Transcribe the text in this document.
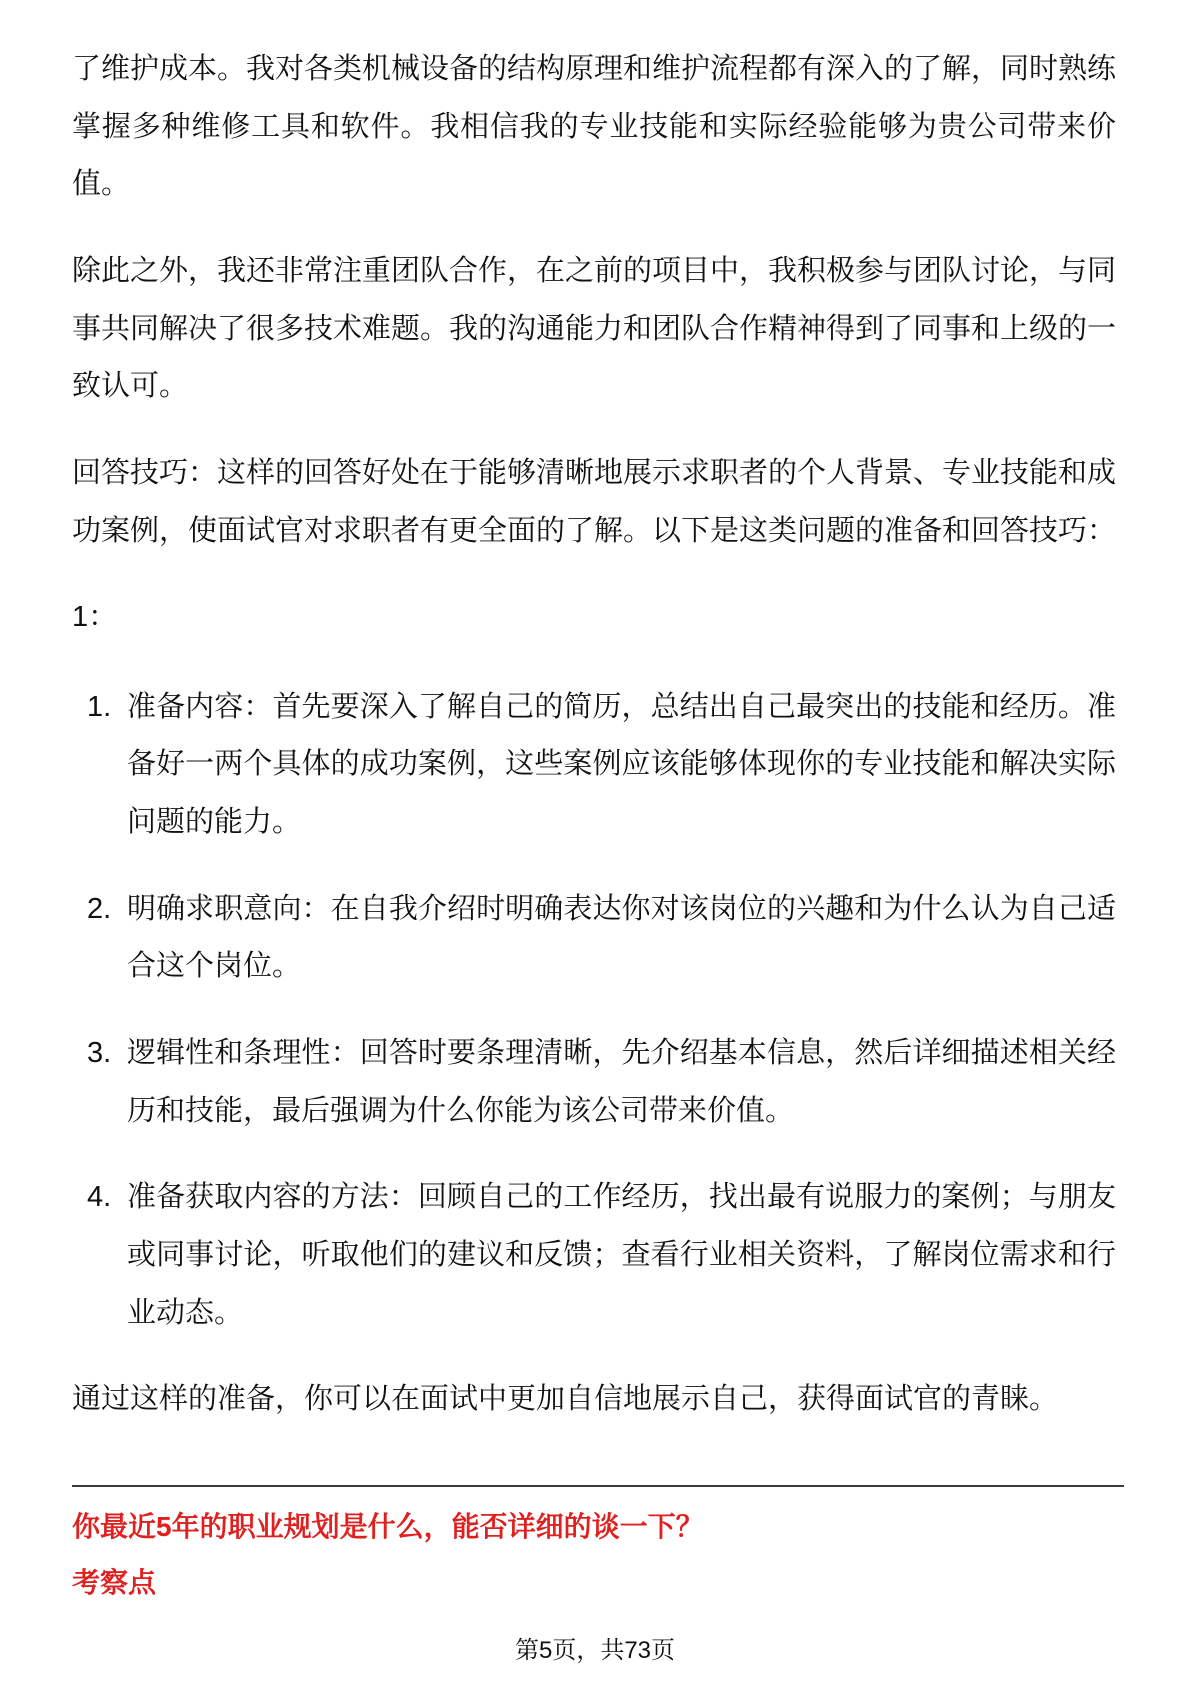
了维护成本。我对各类机械设备的结构原理和维护流程都有深入的了解，同时熟练
掌握多种维修工具和软件。我相信我的专业技能和实际经验能够为贵公司带来价
值。
除此之外，我还非常注重团队合作，在之前的项目中，我积极参与团队讨论，与同
事共同解决了很多技术难题。我的沟通能力和团队合作精神得到了同事和上级的一
致认可。
回答技巧：这样的回答好处在于能够清晰地展示求职者的个人背景、专业技能和成
功案例，使面试官对求职者有更全面的了解。以下是这类问题的准备和回答技巧：
1：
1. 准备内容：首先要深入了解自己的简历，总结出自己最突出的技能和经历。准
备好一两个具体的成功案例，这些案例应该能够体现你的专业技能和解决实际
问题的能力。
2. 明确求职意向：在自我介绍时明确表达你对该岗位的兴趣和为什么认为自己适
合这个岗位。
3. 逻辑性和条理性：回答时要条理清晰，先介绍基本信息，然后详细描述相关经
历和技能，最后强调为什么你能为该公司带来价值。
4. 准备获取内容的方法：回顾自己的工作经历，找出最有说服力的案例；与朋友
或同事讨论，听取他们的建议和反馈；查看行业相关资料，了解岗位需求和行
业动态。
通过这样的准备，你可以在面试中更加自信地展示自己，获得面试官的青睐。
你最近5年的职业规划是什么，能否详细的谈一下？
考察点
第5页，共73页
